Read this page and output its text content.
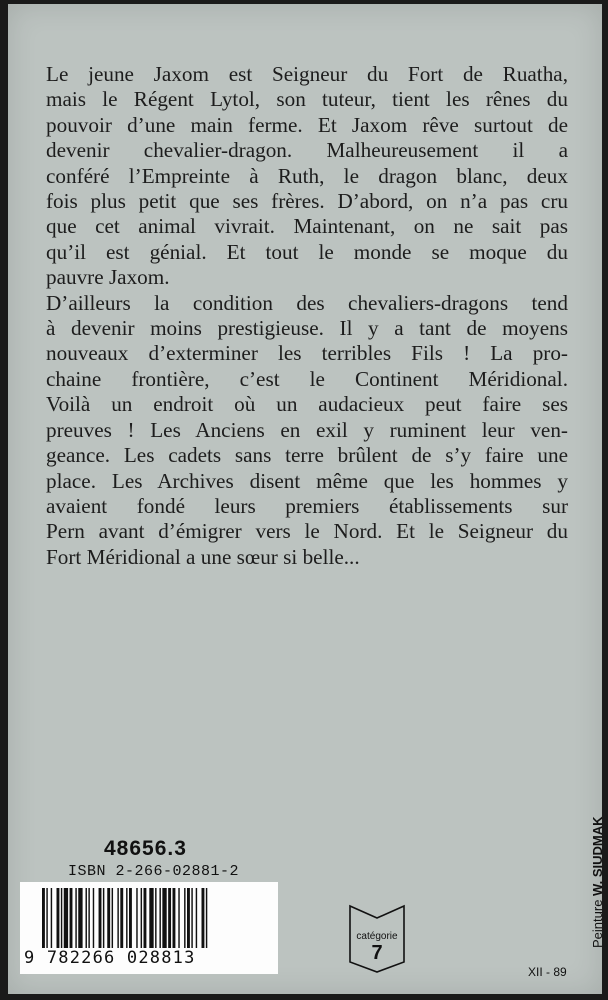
Le jeune Jaxom est Seigneur du Fort de Ruatha,
mais le Régent Lytol, son tuteur, tient les rênes du
pouvoir d’une main ferme. Et Jaxom rêve surtout de
devenir chevalier-dragon. Malheureusement il a
conféré l’Empreinte à Ruth, le dragon blanc, deux
fois plus petit que ses frères. D’abord, on n’a pas cru
que cet animal vivrait. Maintenant, on ne sait pas
qu’il est génial. Et tout le monde se moque du
pauvre Jaxom.

D’ailleurs la condition des chevaliers-dragons tend
à devenir moins prestigieuse. Il y a tant de moyens
nouveaux d’exterminer les terribles Fils ! La pro-
chaine frontière, c’est le Continent Méridional.
Voilà un endroit où un audacieux peut faire ses
preuves ! Les Anciens en exil y ruminent leur ven-
geance. Les cadets sans terre brûlent de s’y faire une
place. Les Archives disent même que les hommes y
avaient fondé leurs premiers établissements sur
Pern avant d’émigrer vers le Nord. Et le Seigneur du
Fort Méridional a une sœur si belle...

48656.3
ISBN 2-266-02881-2
9 782266 028813
catégorie
7
Peinture W. SIUDMAK
XII - 89
